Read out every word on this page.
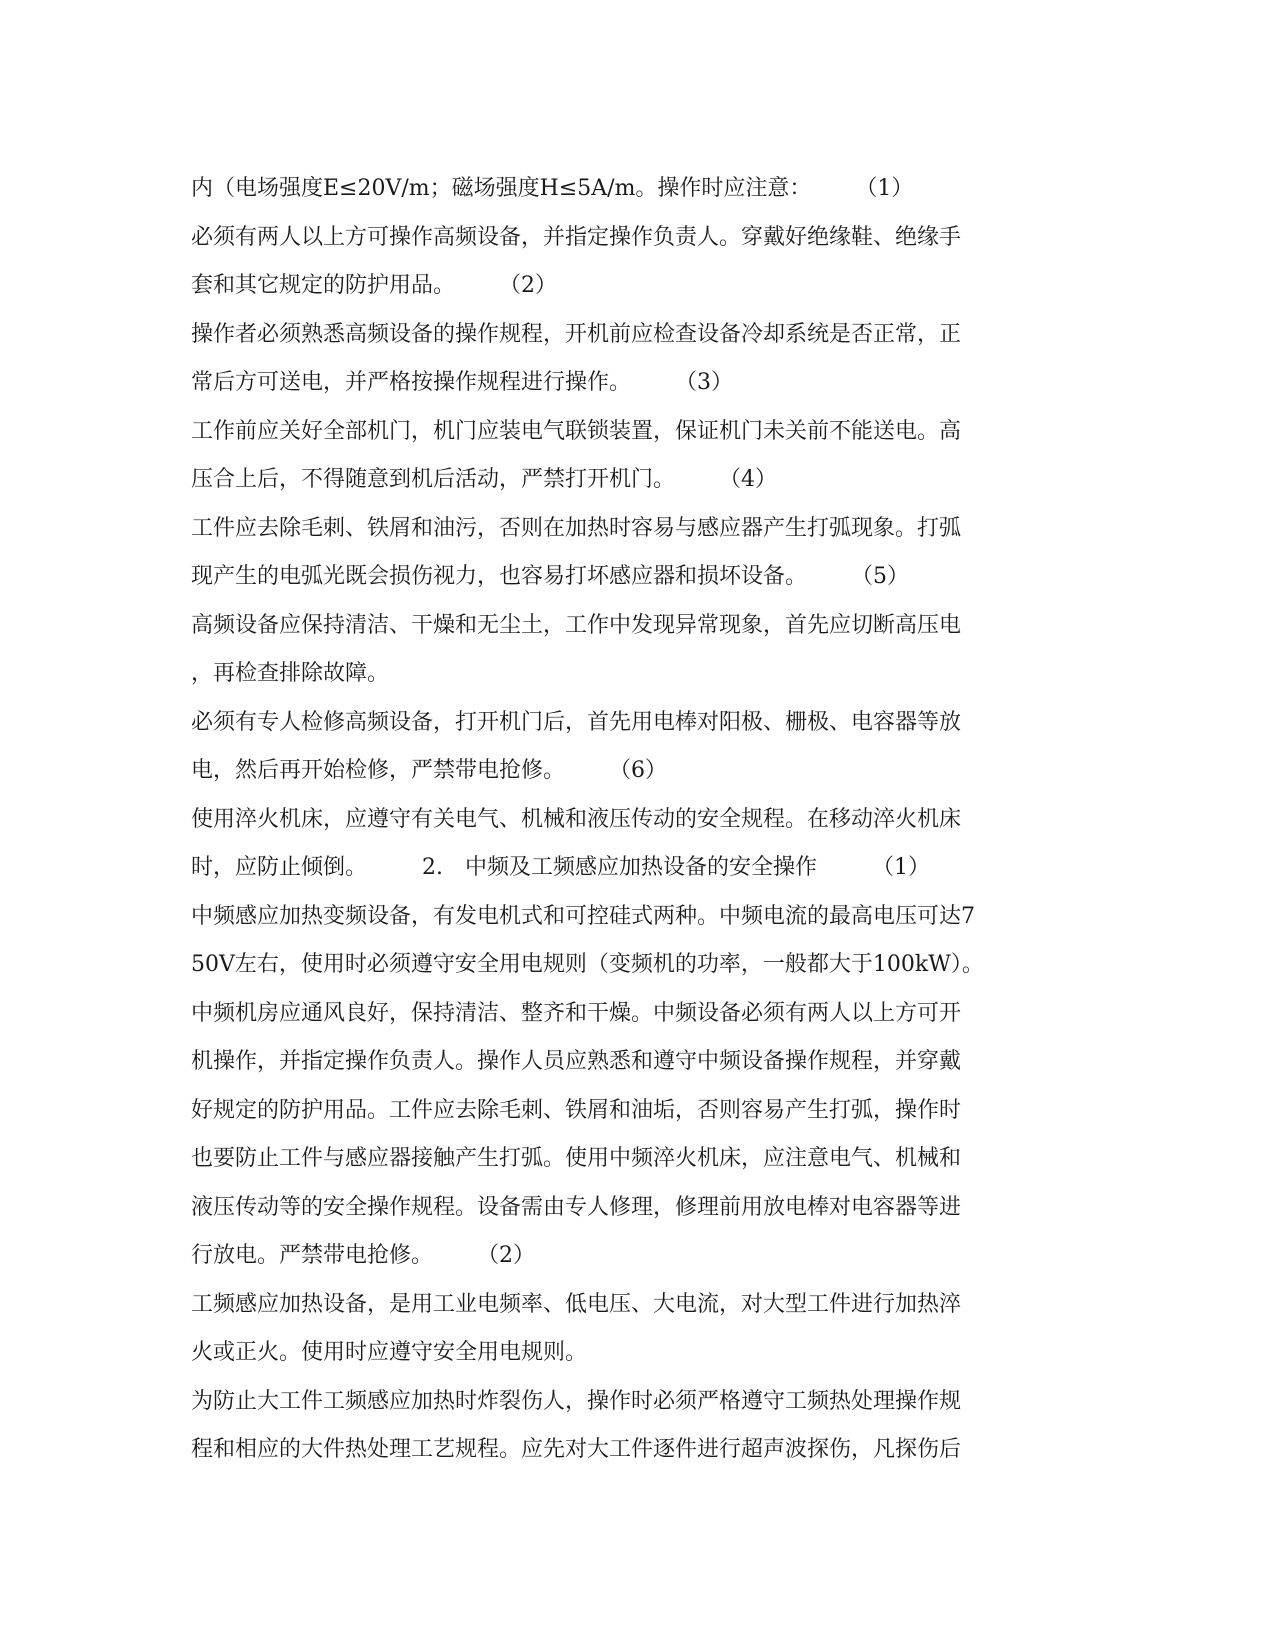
内（电场强度E≤20V/m；磁场强度H≤5A/m。操作时应注意：　　　（1）
必须有两人以上方可操作高频设备，并指定操作负责人。穿戴好绝缘鞋、绝缘手
套和其它规定的防护用品。　　　（2）
操作者必须熟悉高频设备的操作规程，开机前应检查设备冷却系统是否正常，正
常后方可送电，并严格按操作规程进行操作。　　　（3）
工作前应关好全部机门，机门应装电气联锁装置，保证机门未关前不能送电。高
压合上后，不得随意到机后活动，严禁打开机门。　　　（4）
工件应去除毛刺、铁屑和油污，否则在加热时容易与感应器产生打弧现象。打弧
现产生的电弧光既会损伤视力，也容易打坏感应器和损坏设备。　　　（5）
高频设备应保持清洁、干燥和无尘土，工作中发现异常现象，首先应切断高压电
，再检查排除故障。
必须有专人检修高频设备，打开机门后，首先用电棒对阳极、栅极、电容器等放
电，然后再开始检修，严禁带电抢修。　　　（6）
使用淬火机床，应遵守有关电气、机械和液压传动的安全规程。在移动淬火机床
时，应防止倾倒。　　　2.　中频及工频感应加热设备的安全操作　　　（1）
中频感应加热变频设备，有发电机式和可控硅式两种。中频电流的最高电压可达7
50V左右，使用时必须遵守安全用电规则（变频机的功率，一般都大于100kW）。
中频机房应通风良好，保持清洁、整齐和干燥。中频设备必须有两人以上方可开
机操作，并指定操作负责人。操作人员应熟悉和遵守中频设备操作规程，并穿戴
好规定的防护用品。工件应去除毛刺、铁屑和油垢，否则容易产生打弧，操作时
也要防止工件与感应器接触产生打弧。使用中频淬火机床，应注意电气、机械和
液压传动等的安全操作规程。设备需由专人修理，修理前用放电棒对电容器等进
行放电。严禁带电抢修。　　　（2）
工频感应加热设备，是用工业电频率、低电压、大电流，对大型工件进行加热淬
火或正火。使用时应遵守安全用电规则。
为防止大工件工频感应加热时炸裂伤人，操作时必须严格遵守工频热处理操作规
程和相应的大件热处理工艺规程。应先对大工件逐件进行超声波探伤，凡探伤后
